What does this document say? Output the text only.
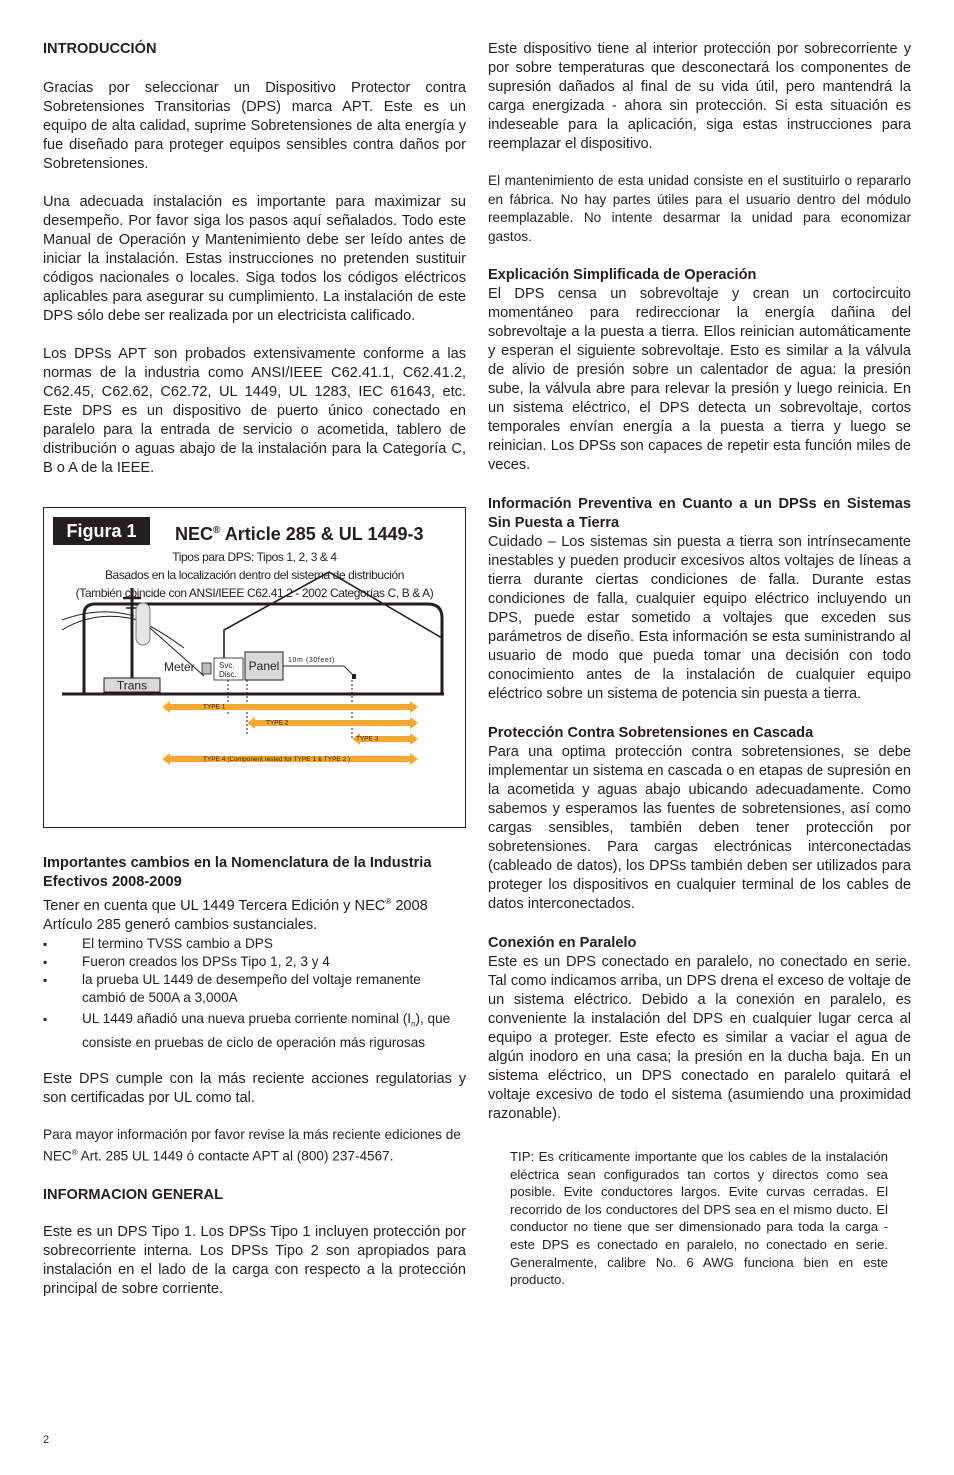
INTRODUCCIÓN

Gracias por seleccionar un Dispositivo Protector contra Sobretensiones Transitorias (DPS) marca APT. Este es un equipo de alta calidad, suprime Sobretensiones de alta energía y fue diseñado para proteger equipos sensibles contra daños por Sobretensiones.

Una adecuada instalación es importante para maximizar su desempeño. Por favor siga los pasos aquí señalados. Todo este Manual de Operación y Mantenimiento debe ser leído antes de iniciar la instalación. Estas instrucciones no pretenden sustituir códigos nacionales o locales. Siga todos los códigos eléctricos aplicables para asegurar su cumplimiento. La instalación de este DPS sólo debe ser realizada por un electricista calificado.

Los DPSs APT son probados extensivamente conforme a las normas de la industria como ANSI/IEEE C62.41.1, C62.41.2, C62.45, C62.62, C62.72, UL 1449, UL 1283, IEC 61643, etc. Este DPS es un dispositivo de puerto único conectado en paralelo para la entrada de servicio o acometida, tablero de distribución o aguas abajo de la instalación para la Categoría C, B o A de la IEEE.

Figura 1	NEC® Article 285 & UL 1449-3
Tipos para DPS: Tipos 1, 2, 3 & 4
Basados en la localización dentro del sistema de distribución
(También coincide con ANSI/IEEE C62.41.2 - 2002 Categorías C, B & A)
Trans
Meter	Svc.
Disc.
Panel 10m (30feet)
TYPE 1
TYPE 2
TYPE 3
TYPE 4 (Component tested for TYPE 1 & TYPE 2 )
Importantes cambios en la Nomenclatura de la Industria Efectivos 2008-2009

Tener en cuenta que UL 1449 Tercera Edición y NEC® 2008 Artículo 285 generó cambios sustanciales.

▪ El termino TVSS cambio a DPS
▪ Fueron creados los DPSs Tipo 1, 2, 3 y 4
▪ la prueba UL 1449 de desempeño del voltaje remanente cambió de 500A a 3,000A
▪ UL 1449 añadió una nueva prueba corriente nominal $(I_n)$, que consiste en pruebas de ciclo de operación más rigurosas

Este DPS cumple con la más reciente acciones regulatorias y son certificadas por UL como tal.

Para mayor información por favor revise la más reciente ediciones de NEC® Art. 285 UL 1449 ó contacte APT al (800) 237-4567.

INFORMACION GENERAL

Este es un DPS Tipo 1. Los DPSs Tipo 1 incluyen protección por sobrecorriente interna. Los DPSs Tipo 2 son apropiados para instalación en el lado de la carga con respecto a la protección principal de sobre corriente.

Este dispositivo tiene al interior protección por sobrecorriente y por sobre temperaturas que desconectará los componentes de supresión dañados al final de su vida útil, pero mantendrá la carga energizada - ahora sin protección. Si esta situación es indeseable para la aplicación, siga estas instrucciones para reemplazar el dispositivo.

El mantenimiento de esta unidad consiste en el sustituirlo o repararlo en fábrica. No hay partes útiles para el usuario dentro del módulo reemplazable. No intente desarmar la unidad para economizar gastos.

Explicación Simplificada de Operación

El DPS censa un sobrevoltaje y crean un cortocircuito momentáneo para redireccionar la energía dañina del sobrevoltaje a la puesta a tierra. Ellos reinician automáticamente y esperan el siguiente sobrevoltaje. Esto es similar a la válvula de alivio de presión sobre un calentador de agua: la presión sube, la válvula abre para relevar la presión y luego reinicia. En un sistema eléctrico, el DPS detecta un sobrevoltaje, cortos temporales envían energía a la puesta a tierra y luego se reinician. Los DPSs son capaces de repetir esta función miles de veces.

Información Preventiva en Cuanto a un DPSs en Sistemas Sin Puesta a Tierra

Cuidado – Los sistemas sin puesta a tierra son intrínsecamente inestables y pueden producir excesivos altos voltajes de líneas a tierra durante ciertas condiciones de falla. Durante estas condiciones de falla, cualquier equipo eléctrico incluyendo un DPS, puede estar sometido a voltajes que exceden sus parámetros de diseño. Esta información se esta suministrando al usuario de modo que pueda tomar una decisión con todo conocimiento antes de la instalación de cualquier equipo eléctrico sobre un sistema de potencia sin puesta a tierra.

Protección Contra Sobretensiones en Cascada

Para una optima protección contra sobretensiones, se debe implementar un sistema en cascada o en etapas de supresión en la acometida y aguas abajo ubicando adecuadamente. Como sabemos y esperamos las fuentes de sobretensiones, así como cargas sensibles, también deben tener protección por sobretensiones. Para cargas electrónicas interconectadas (cableado de datos), los DPSs también deben ser utilizados para proteger los dispositivos en cualquier terminal de los cables de datos interconectados.

Conexión en Paralelo

Este es un DPS conectado en paralelo, no conectado en serie. Tal como indicamos arriba, un DPS drena el exceso de voltaje de un sistema eléctrico. Debido a la conexión en paralelo, es conveniente la instalación del DPS en cualquier lugar cerca al equipo a proteger. Este efecto es similar a vaciar el agua de algún inodoro en una casa; la presión en la ducha baja. En un sistema eléctrico, un DPS conectado en paralelo quitará el voltaje excesivo de todo el sistema (asumiendo una proximidad razonable).

TIP: Es críticamente importante que los cables de la instalación eléctrica sean configurados tan cortos y directos como sea posible. Evite conductores largos. Evite curvas cerradas. El recorrido de los conductores del DPS sea en el mismo ducto. El conductor no tiene que ser dimensionado para toda la carga - este DPS es conectado en paralelo, no conectado en serie. Generalmente, calibre No. 6 AWG funciona bien en este producto.
2
